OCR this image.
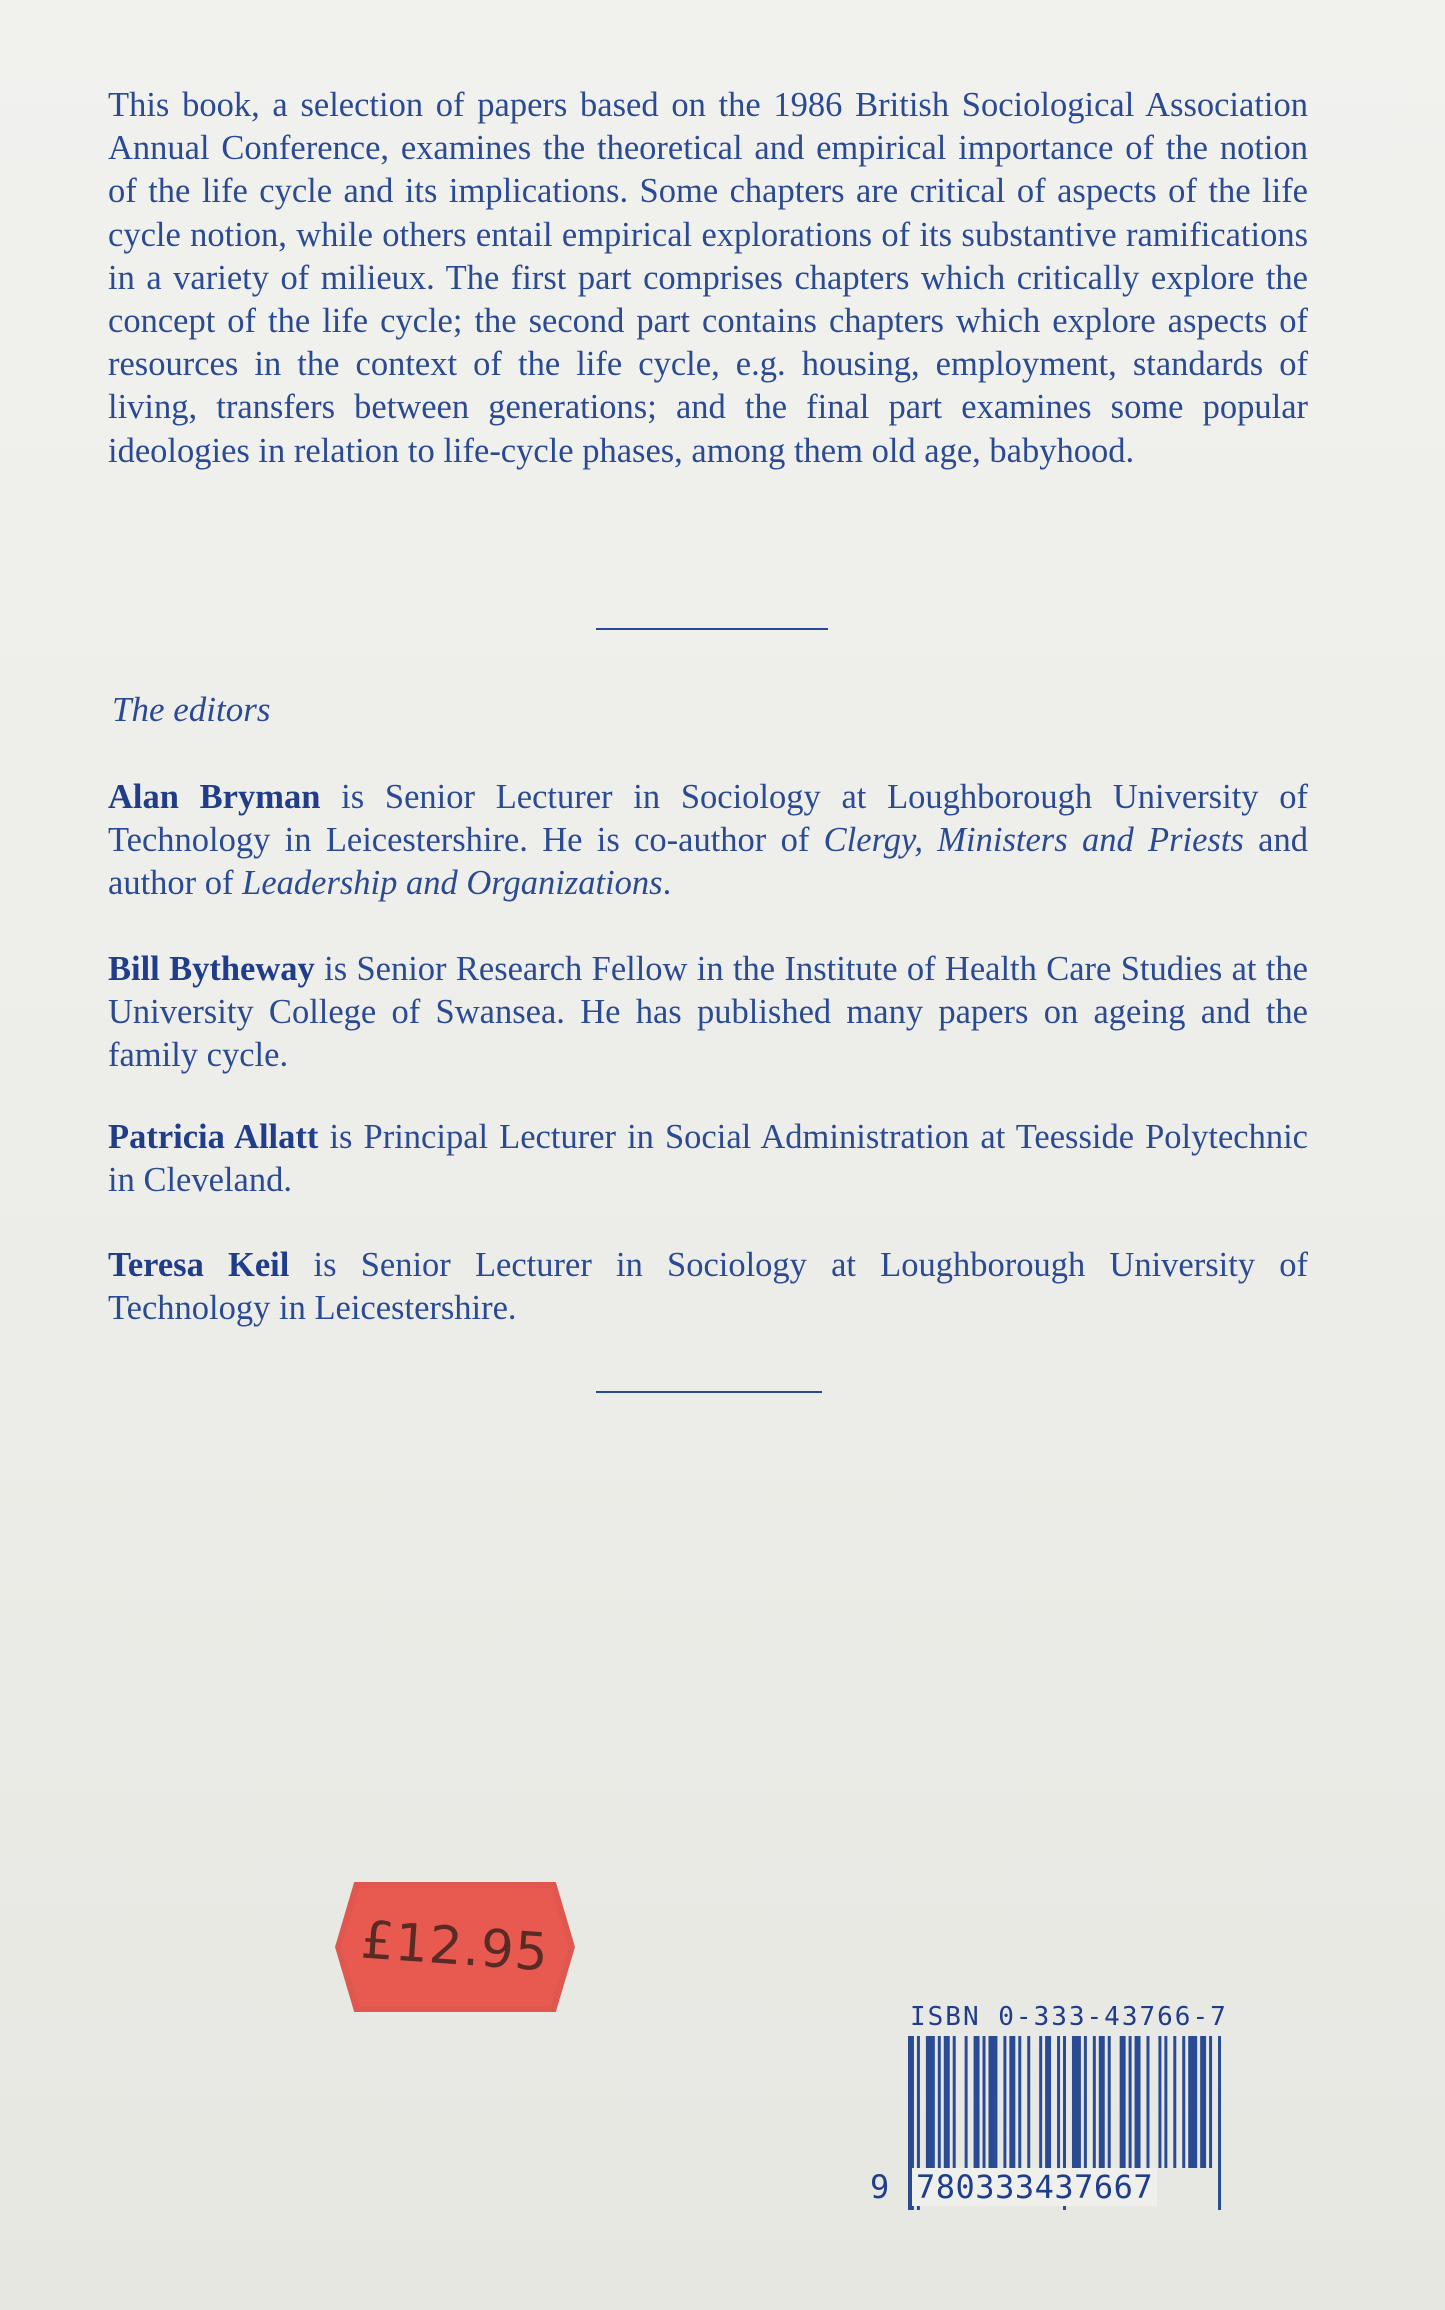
This book, a selection of papers based on the 1986 British Sociological Association Annual Conference, examines the theoretical and empirical importance of the notion of the life cycle and its implications. Some chapters are critical of aspects of the life cycle notion, while others entail empirical explorations of its substantive ramifications in a variety of milieux. The first part comprises chapters which critically explore the concept of the life cycle; the second part contains chapters which explore aspects of resources in the context of the life cycle, e.g. housing, employment, standards of living, transfers between generations; and the final part examines some popular ideologies in relation to life-cycle phases, among them old age, babyhood.

The editors

Alan Bryman is Senior Lecturer in Sociology at Loughborough University of Technology in Leicestershire. He is co-author of Clergy, Ministers and Priests and author of Leadership and Organizations.

Bill Bytheway is Senior Research Fellow in the Institute of Health Care Studies at the University College of Swansea. He has published many papers on ageing and the family cycle.

Patricia Allatt is Principal Lecturer in Social Administration at Teesside Polytechnic in Cleveland.

Teresa Keil is Senior Lecturer in Sociology at Loughborough University of Technology in Leicestershire.

£12.95

ISBN 0-333-43766-7

9 780333437667
